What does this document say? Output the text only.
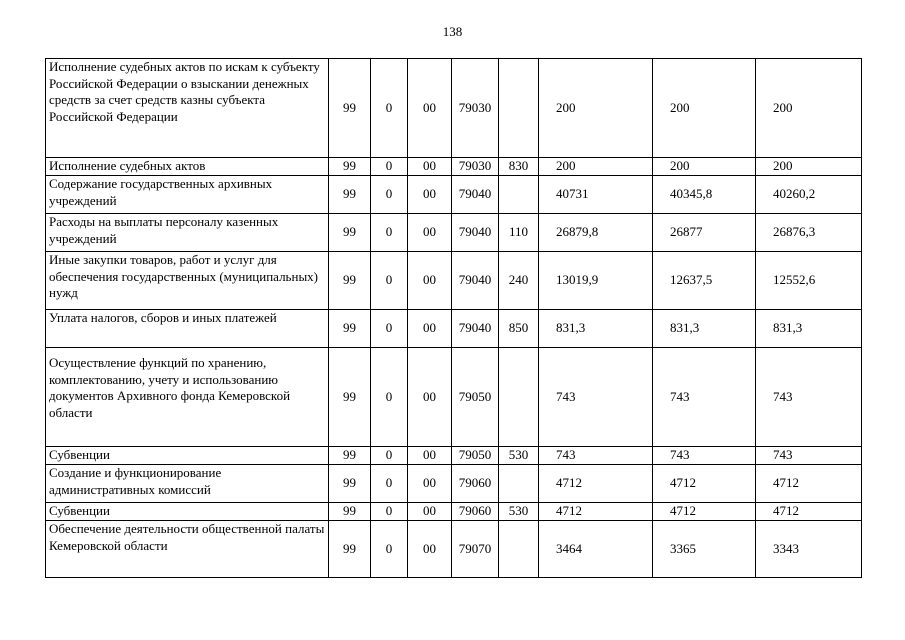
138
Исполнение судебных актов по искам к субъекту Российской Федерации о взыскании денежных средств за счет средств казны субъекта Российской Федерации	99	0	00	79030		200	200	200
Исполнение судебных актов	99	0	00	79030	830	200	200	200
Содержание государственных архивных учреждений	99	0	00	79040		40731	40345,8	40260,2
Расходы на выплаты персоналу казенных учреждений	99	0	00	79040	110	26879,8	26877	26876,3
Иные закупки товаров, работ и услуг для обеспечения государственных (муниципальных) нужд	99	0	00	79040	240	13019,9	12637,5	12552,6
Уплата налогов, сборов и иных платежей	99	0	00	79040	850	831,3	831,3	831,3
Осуществление функций по хранению, комплектованию, учету и использованию документов Архивного фонда Кемеровской области	99	0	00	79050		743	743	743
Субвенции	99	0	00	79050	530	743	743	743
Создание и функционирование административных комиссий	99	0	00	79060		4712	4712	4712
Субвенции	99	0	00	79060	530	4712	4712	4712
Обеспечение деятельности общественной палаты Кемеровской области	99	0	00	79070		3464	3365	3343
